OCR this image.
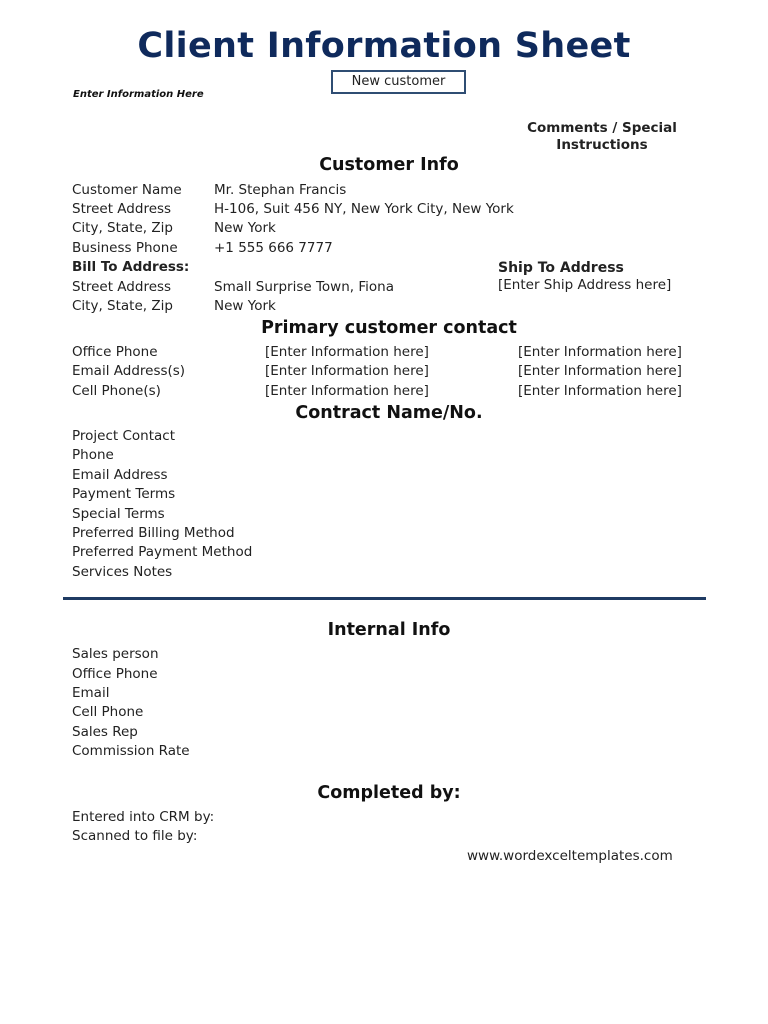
Client Information Sheet
New customer
Enter Information Here
Comments / Special Instructions
Customer Info
Customer Name Mr. Stephan Francis
Street Address	H-106, Suit 456 NY, New York City, New York
City, State, Zip	New York
Business Phone	+1 555 666 7777
Bill To Address:	Ship To Address
[Enter Ship Address here]
Street Address	Small Surprise Town, Fiona
City, State, Zip	New York
Primary customer contact
Office Phone	[Enter Information here]	[Enter Information here]
Email Address(s)	[Enter Information here]	[Enter Information here]
Cell Phone(s)	[Enter Information here]	[Enter Information here]
Contract Name/No.
Project Contact
Phone
Email Address
Payment Terms
Special Terms
Preferred Billing Method
Preferred Payment Method
Services Notes
Internal Info
Sales person
Office Phone
Email
Cell Phone
Sales Rep
Commission Rate
Completed by:
Entered into CRM by:
Scanned to file by:
www.wordexceltemplates.com
